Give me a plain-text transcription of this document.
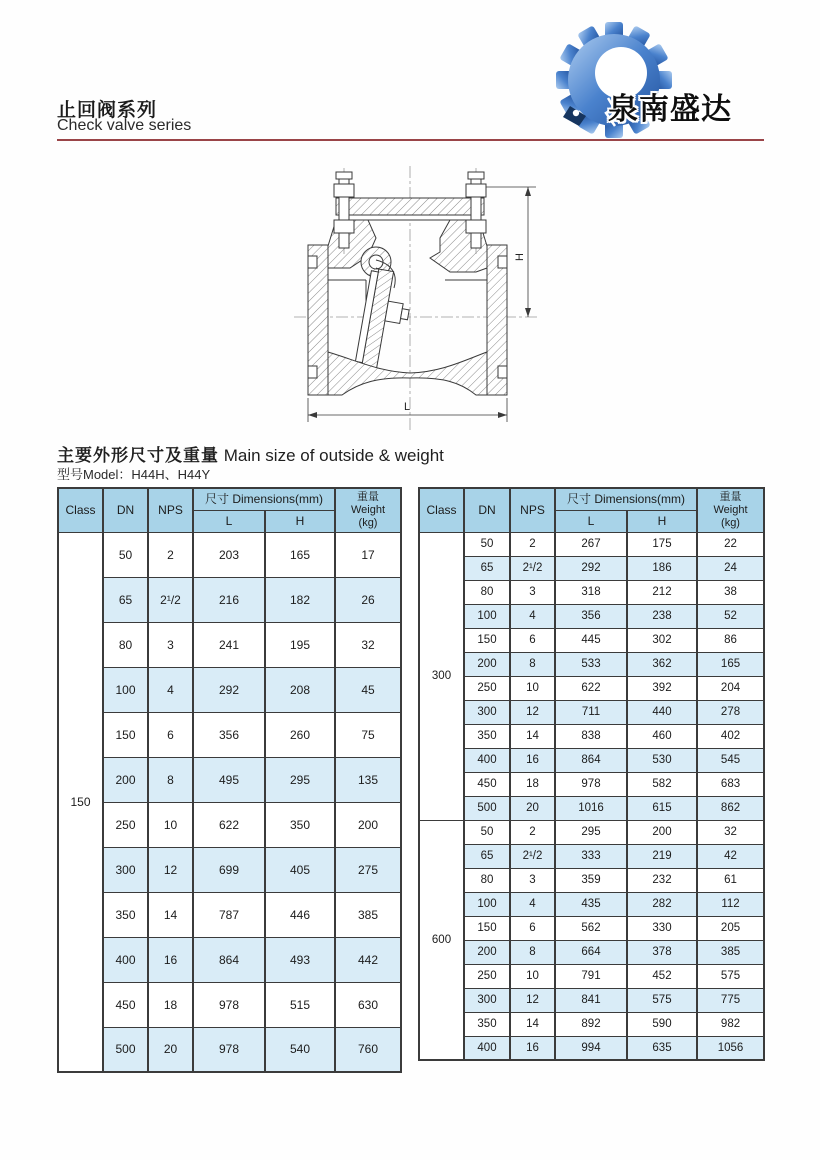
止回阀系列
Check valve series	泉南盛达
H
L
主要外形尺寸及重量 Main size of outside & weight
型号Model：H44H、H44Y
Class	DN	NPS	尺寸 Dimensions(mm)		重量
Weight
(kg)

			L	H	
150	50	2	203	165	17
	65	2¹/2	216	182	26
	80	3	241	195	32
	100	4	292	208	45
	150	6	356	260	75
	200	8	495	295	135
	250	10	622	350	200
	300	12	699	405	275
	350	14	787	446	385
	400	16	864	493	442
	450	18	978	515	630
	500	20	978	540	760
Class	DN	NPS	尺寸 Dimensions(mm)		重量
Weight
(kg)

			L	H	
300	50	2	267	175	22
	65	2¹/2	292	186	24
	80	3	318	212	38
	100	4	356	238	52
	150	6	445	302	86
	200	8	533	362	165
	250	10	622	392	204
	300	12	711	440	278
	350	14	838	460	402
	400	16	864	530	545
	450	18	978	582	683
	500	20	1016	615	862
600	50	2	295	200	32
	65	2¹/2	333	219	42
	80	3	359	232	61
	100	4	435	282	112
	150	6	562	330	205
	200	8	664	378	385
	250	10	791	452	575
	300	12	841	575	775
	350	14	892	590	982
	400	16	994	635	1056
